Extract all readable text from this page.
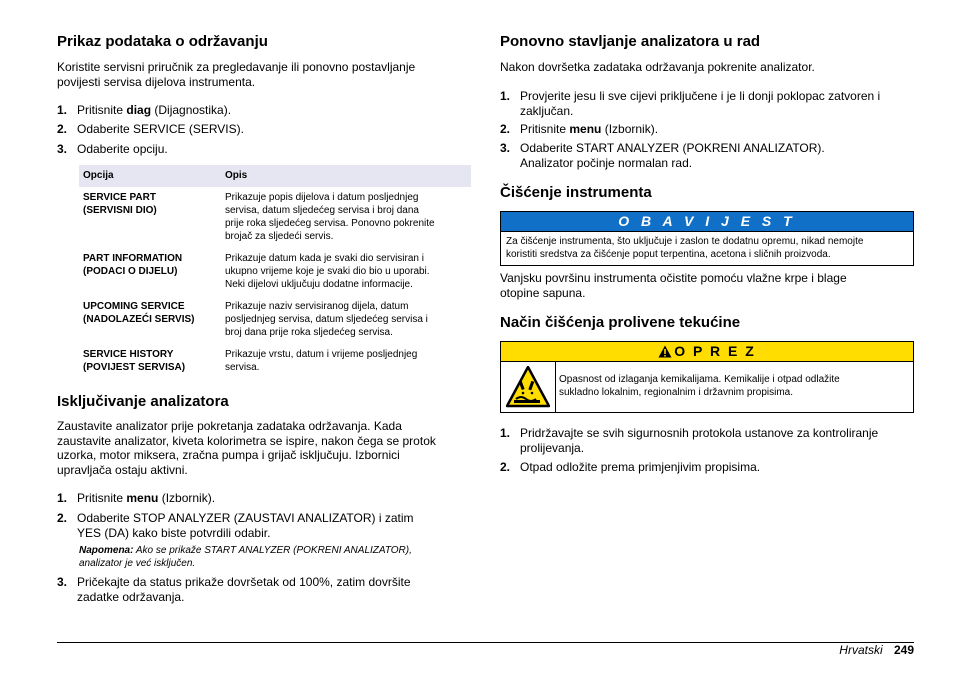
Prikaz podataka o održavanju
Koristite servisni priručnik za pregledavanje ili ponovno postavljanje
povijesti servisa dijelova instrumenta.
1. Pritisnite diag (Dijagnostika).
2. Odaberite SERVICE (SERVIS).
3. Odaberite opciju.
Opcija	Opis
SERVICE PART
(SERVISNI DIO)
Prikazuje popis dijelova i datum posljednjeg
servisa, datum sljedećeg servisa i broj dana
prije roka sljedećeg servisa. Ponovno pokrenite
brojač za sljedeći servis.
PART INFORMATION
(PODACI O DIJELU)
Prikazuje datum kada je svaki dio servisiran i
ukupno vrijeme koje je svaki dio bio u uporabi.
Neki dijelovi uključuju dodatne informacije.
UPCOMING SERVICE
(NADOLAZEĆI SERVIS)
Prikazuje naziv servisiranog dijela, datum
posljednjeg servisa, datum sljedećeg servisa i
broj dana prije roka sljedećeg servisa.
SERVICE HISTORY
(POVIJEST SERVISA)
Prikazuje vrstu, datum i vrijeme posljednjeg
servisa.
Isključivanje analizatora
Zaustavite analizator prije pokretanja zadataka održavanja. Kada
zaustavite analizator, kiveta kolorimetra se ispire, nakon čega se protok
uzorka, motor miksera, zračna pumpa i grijač isključuju. Izbornici
upravljača ostaju aktivni.
1. Pritisnite menu (Izbornik).
2. Odaberite STOP ANALYZER (ZAUSTAVI ANALIZATOR) i zatim
YES (DA) kako biste potvrdili odabir.
Napomena: Ako se prikaže START ANALYZER (POKRENI ANALIZATOR),
analizator je već isključen.
3. Pričekajte da status prikaže dovršetak od 100%, zatim dovršite
zadatke održavanja.
Ponovno stavljanje analizatora u rad
Nakon dovršetka zadataka održavanja pokrenite analizator.
1. Provjerite jesu li sve cijevi priključene i je li donji poklopac zatvoren i
zaključan.
2. Pritisnite menu (Izbornik).
3. Odaberite START ANALYZER (POKRENI ANALIZATOR).
Analizator počinje normalan rad.
Čišćenje instrumenta
O B A V I J E S T
Za čišćenje instrumenta, što uključuje i zaslon te dodatnu opremu, nikad nemojte
koristiti sredstva za čišćenje poput terpentina, acetona i sličnih proizvoda.
Vanjsku površinu instrumenta očistite pomoću vlažne krpe i blage
otopine sapuna.
Način čišćenja prolivene tekućine
O P R E Z
Opasnost od izlaganja kemikalijama. Kemikalije i otpad odlažite
sukladno lokalnim, regionalnim i državnim propisima.
1. Pridržavajte se svih sigurnosnih protokola ustanove za kontroliranje
prolijevanja.
2. Otpad odložite prema primjenjivim propisima.
Hrvatski 249
